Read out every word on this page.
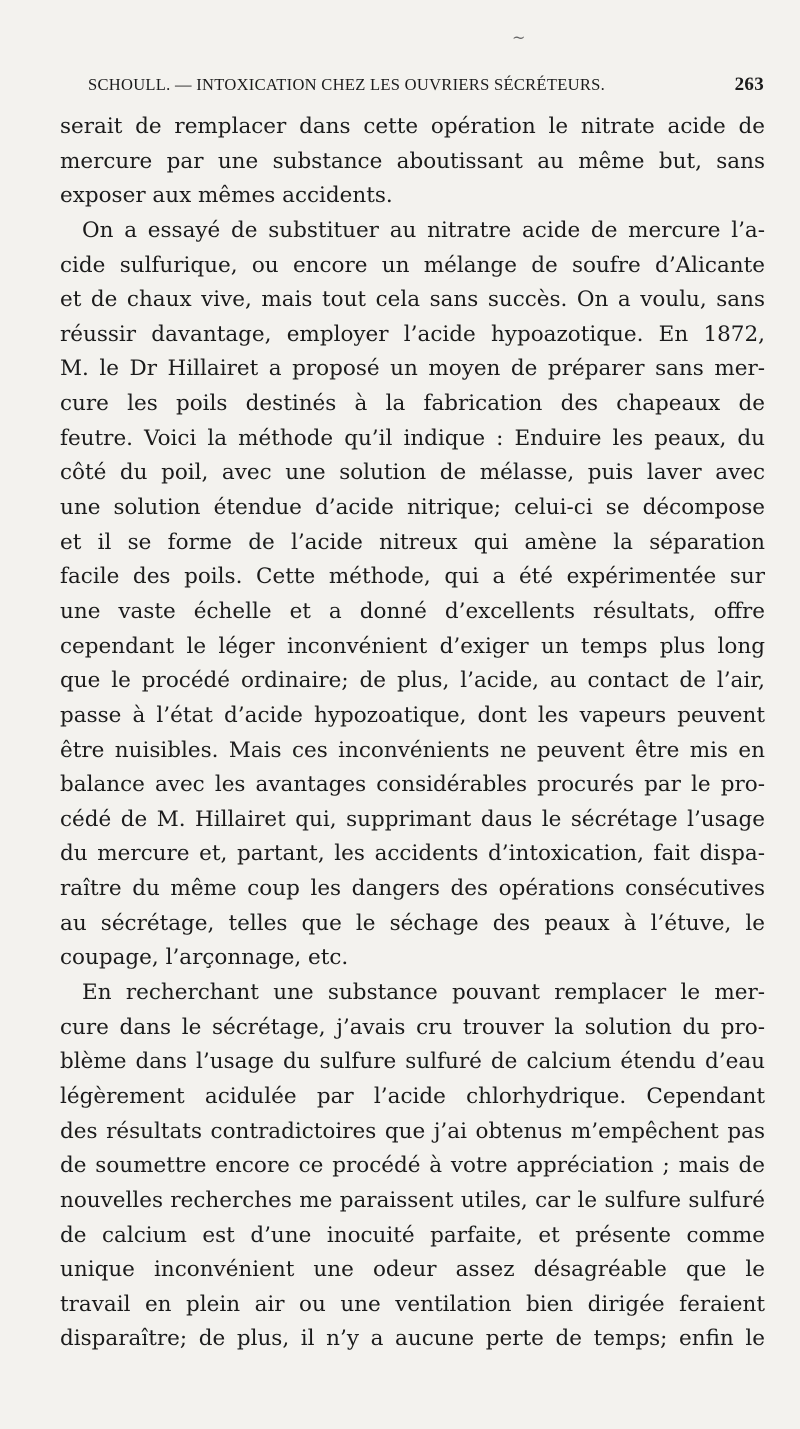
~
SCHOULL. — INTOXICATION CHEZ LES OUVRIERS SÉCRÉTEURS.	263
serait de remplacer dans cette opération le nitrate acide de
mercure par une substance aboutissant au même but, sans
exposer aux mêmes accidents.
On a essayé de substituer au nitratre acide de mercure l’a-
cide sulfurique, ou encore un mélange de soufre d’Alicante
et de chaux vive, mais tout cela sans succès. On a voulu, sans
réussir davantage, employer l’acide hypoazotique. En 1872,
M. le Dr Hillairet a proposé un moyen de préparer sans mer-
cure les poils destinés à la fabrication des chapeaux de
feutre. Voici la méthode qu’il indique : Enduire les peaux, du
côté du poil, avec une solution de mélasse, puis laver avec
une solution étendue d’acide nitrique; celui-ci se décompose
et il se forme de l’acide nitreux qui amène la séparation
facile des poils. Cette méthode, qui a été expérimentée sur
une vaste échelle et a donné d’excellents résultats, offre
cependant le léger inconvénient d’exiger un temps plus long
que le procédé ordinaire; de plus, l’acide, au contact de l’air,
passe à l’état d’acide hypozoatique, dont les vapeurs peuvent
être nuisibles. Mais ces inconvénients ne peuvent être mis en
balance avec les avantages considérables procurés par le pro-
cédé de M. Hillairet qui, supprimant daus le sécrétage l’usage
du mercure et, partant, les accidents d’intoxication, fait dispa-
raître du même coup les dangers des opérations consécutives
au sécrétage, telles que le séchage des peaux à l’étuve, le
coupage, l’arçonnage, etc.
En recherchant une substance pouvant remplacer le mer-
cure dans le sécrétage, j’avais cru trouver la solution du pro-
blème dans l’usage du sulfure sulfuré de calcium étendu d’eau
légèrement acidulée par l’acide chlorhydrique. Cependant
des résultats contradictoires que j’ai obtenus m’empêchent pas
de soumettre encore ce procédé à votre appréciation ; mais de
nouvelles recherches me paraissent utiles, car le sulfure sulfuré
de calcium est d’une inocuité parfaite, et présente comme
unique inconvénient une odeur assez désagréable que le
travail en plein air ou une ventilation bien dirigée feraient
disparaître; de plus, il n’y a aucune perte de temps; enfin le
